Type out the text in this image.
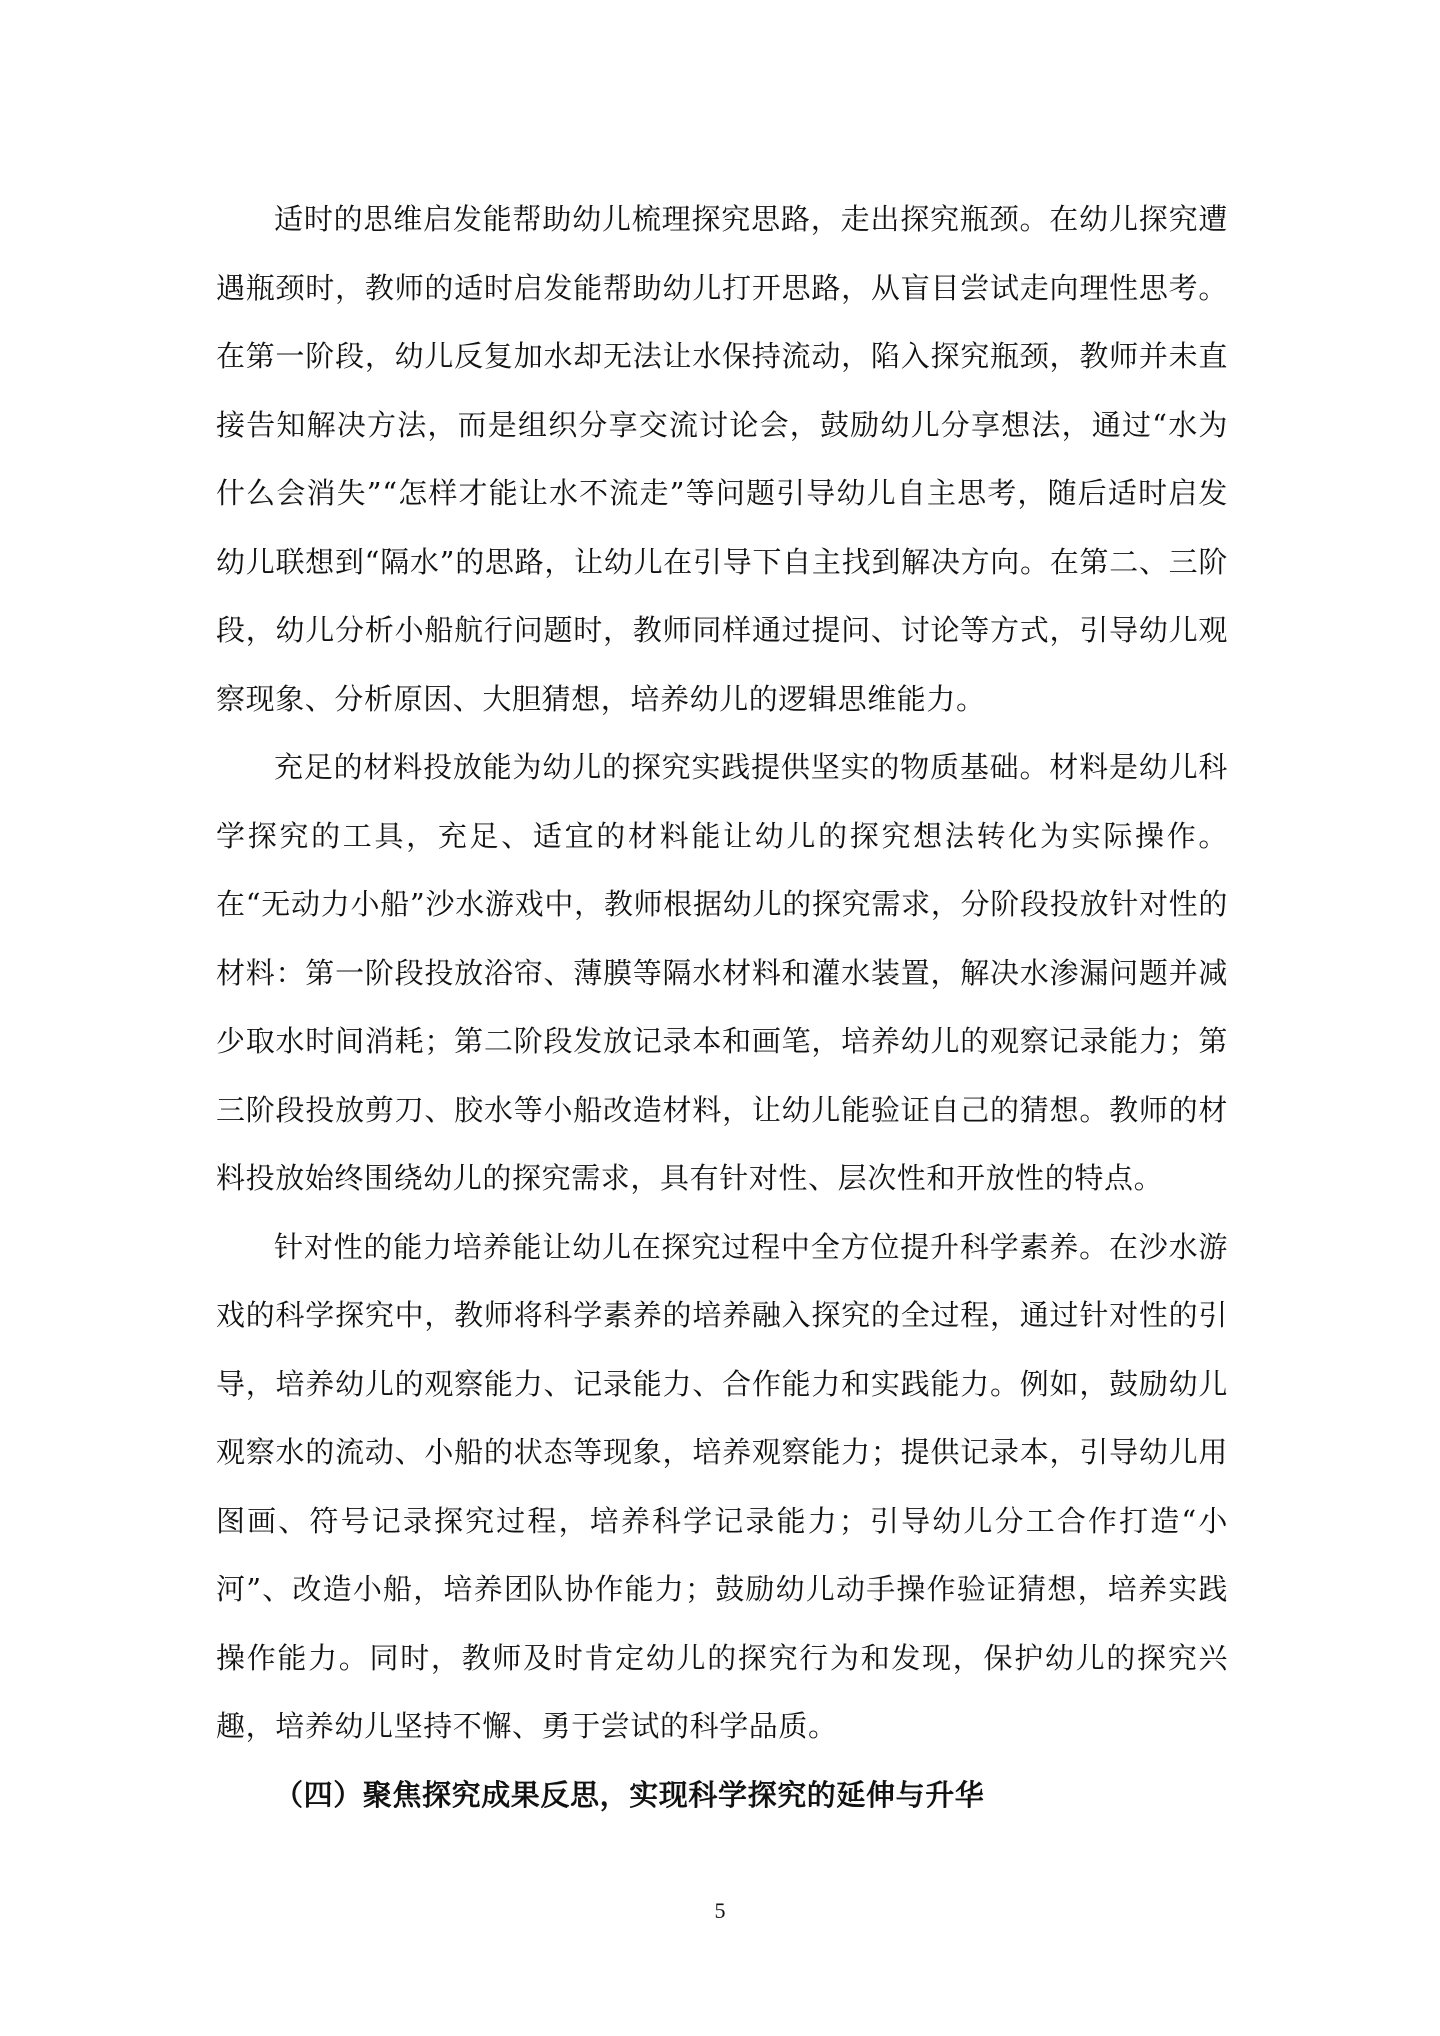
适时的思维启发能帮助幼儿梳理探究思路，走出探究瓶颈。在幼儿探究遭遇瓶颈时，教师的适时启发能帮助幼儿打开思路，从盲目尝试走向理性思考。在第一阶段，幼儿反复加水却无法让水保持流动，陷入探究瓶颈，教师并未直接告知解决方法，而是组织分享交流讨论会，鼓励幼儿分享想法，通过“水为什么会消失”“怎样才能让水不流走”等问题引导幼儿自主思考，随后适时启发幼儿联想到“隔水”的思路，让幼儿在引导下自主找到解决方向。在第二、三阶段，幼儿分析小船航行问题时，教师同样通过提问、讨论等方式，引导幼儿观察现象、分析原因、大胆猜想，培养幼儿的逻辑思维能力。

充足的材料投放能为幼儿的探究实践提供坚实的物质基础。材料是幼儿科学探究的工具，充足、适宜的材料能让幼儿的探究想法转化为实际操作。在“无动力小船”沙水游戏中，教师根据幼儿的探究需求，分阶段投放针对性的材料：第一阶段投放浴帘、薄膜等隔水材料和灌水装置，解决水渗漏问题并减少取水时间消耗；第二阶段发放记录本和画笔，培养幼儿的观察记录能力；第三阶段投放剪刀、胶水等小船改造材料，让幼儿能验证自己的猜想。教师的材料投放始终围绕幼儿的探究需求，具有针对性、层次性和开放性的特点。

针对性的能力培养能让幼儿在探究过程中全方位提升科学素养。在沙水游戏的科学探究中，教师将科学素养的培养融入探究的全过程，通过针对性的引导，培养幼儿的观察能力、记录能力、合作能力和实践能力。例如，鼓励幼儿观察水的流动、小船的状态等现象，培养观察能力；提供记录本，引导幼儿用图画、符号记录探究过程，培养科学记录能力；引导幼儿分工合作打造“小河”、改造小船，培养团队协作能力；鼓励幼儿动手操作验证猜想，培养实践操作能力。同时，教师及时肯定幼儿的探究行为和发现，保护幼儿的探究兴趣，培养幼儿坚持不懈、勇于尝试的科学品质。

（四）聚焦探究成果反思，实现科学探究的延伸与升华

5
